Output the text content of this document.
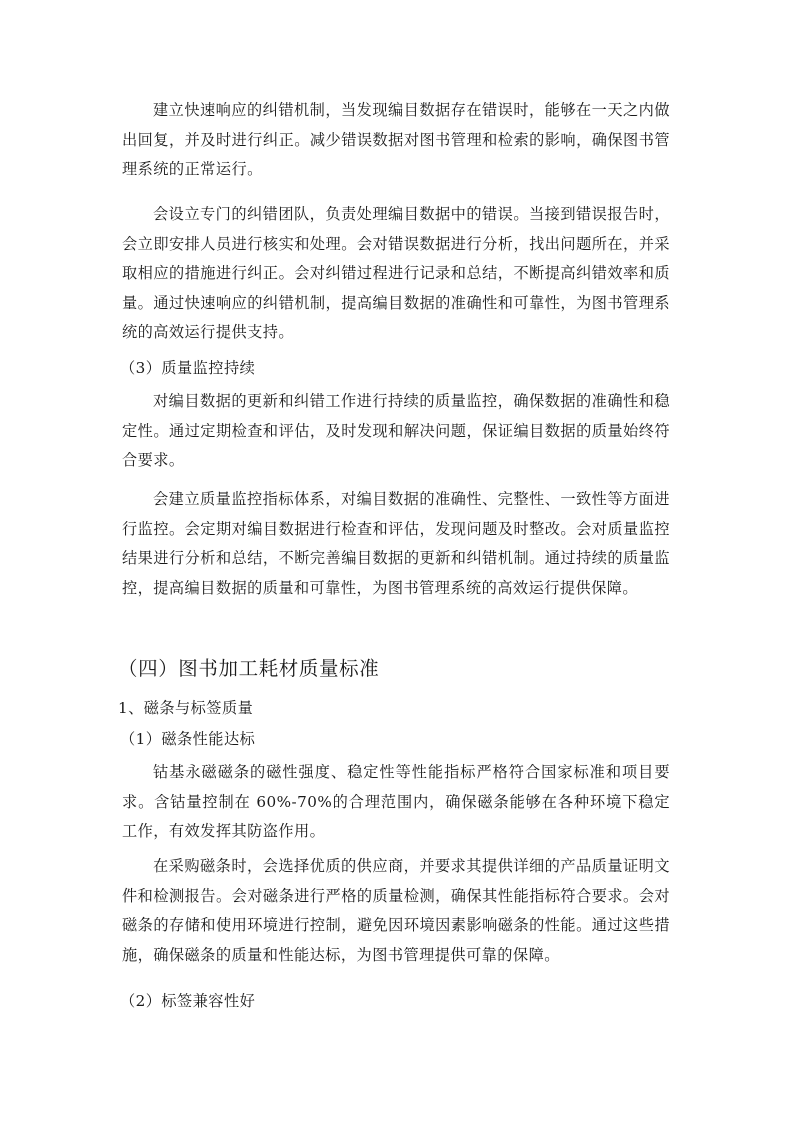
建立快速响应的纠错机制，当发现编目数据存在错误时，能够在一天之内做出回复，并及时进行纠正。减少错误数据对图书管理和检索的影响，确保图书管理系统的正常运行。

会设立专门的纠错团队，负责处理编目数据中的错误。当接到错误报告时，会立即安排人员进行核实和处理。会对错误数据进行分析，找出问题所在，并采取相应的措施进行纠正。会对纠错过程进行记录和总结，不断提高纠错效率和质量。通过快速响应的纠错机制，提高编目数据的准确性和可靠性，为图书管理系统的高效运行提供支持。

（3）质量监控持续

对编目数据的更新和纠错工作进行持续的质量监控，确保数据的准确性和稳定性。通过定期检查和评估，及时发现和解决问题，保证编目数据的质量始终符合要求。

会建立质量监控指标体系，对编目数据的准确性、完整性、一致性等方面进行监控。会定期对编目数据进行检查和评估，发现问题及时整改。会对质量监控结果进行分析和总结，不断完善编目数据的更新和纠错机制。通过持续的质量监控，提高编目数据的质量和可靠性，为图书管理系统的高效运行提供保障。

（四）图书加工耗材质量标准

1、磁条与标签质量

（1）磁条性能达标

钴基永磁磁条的磁性强度、稳定性等性能指标严格符合国家标准和项目要求。含钴量控制在 60%-70%的合理范围内，确保磁条能够在各种环境下稳定工作，有效发挥其防盗作用。

在采购磁条时，会选择优质的供应商，并要求其提供详细的产品质量证明文件和检测报告。会对磁条进行严格的质量检测，确保其性能指标符合要求。会对磁条的存储和使用环境进行控制，避免因环境因素影响磁条的性能。通过这些措施，确保磁条的质量和性能达标，为图书管理提供可靠的保障。

（2）标签兼容性好
